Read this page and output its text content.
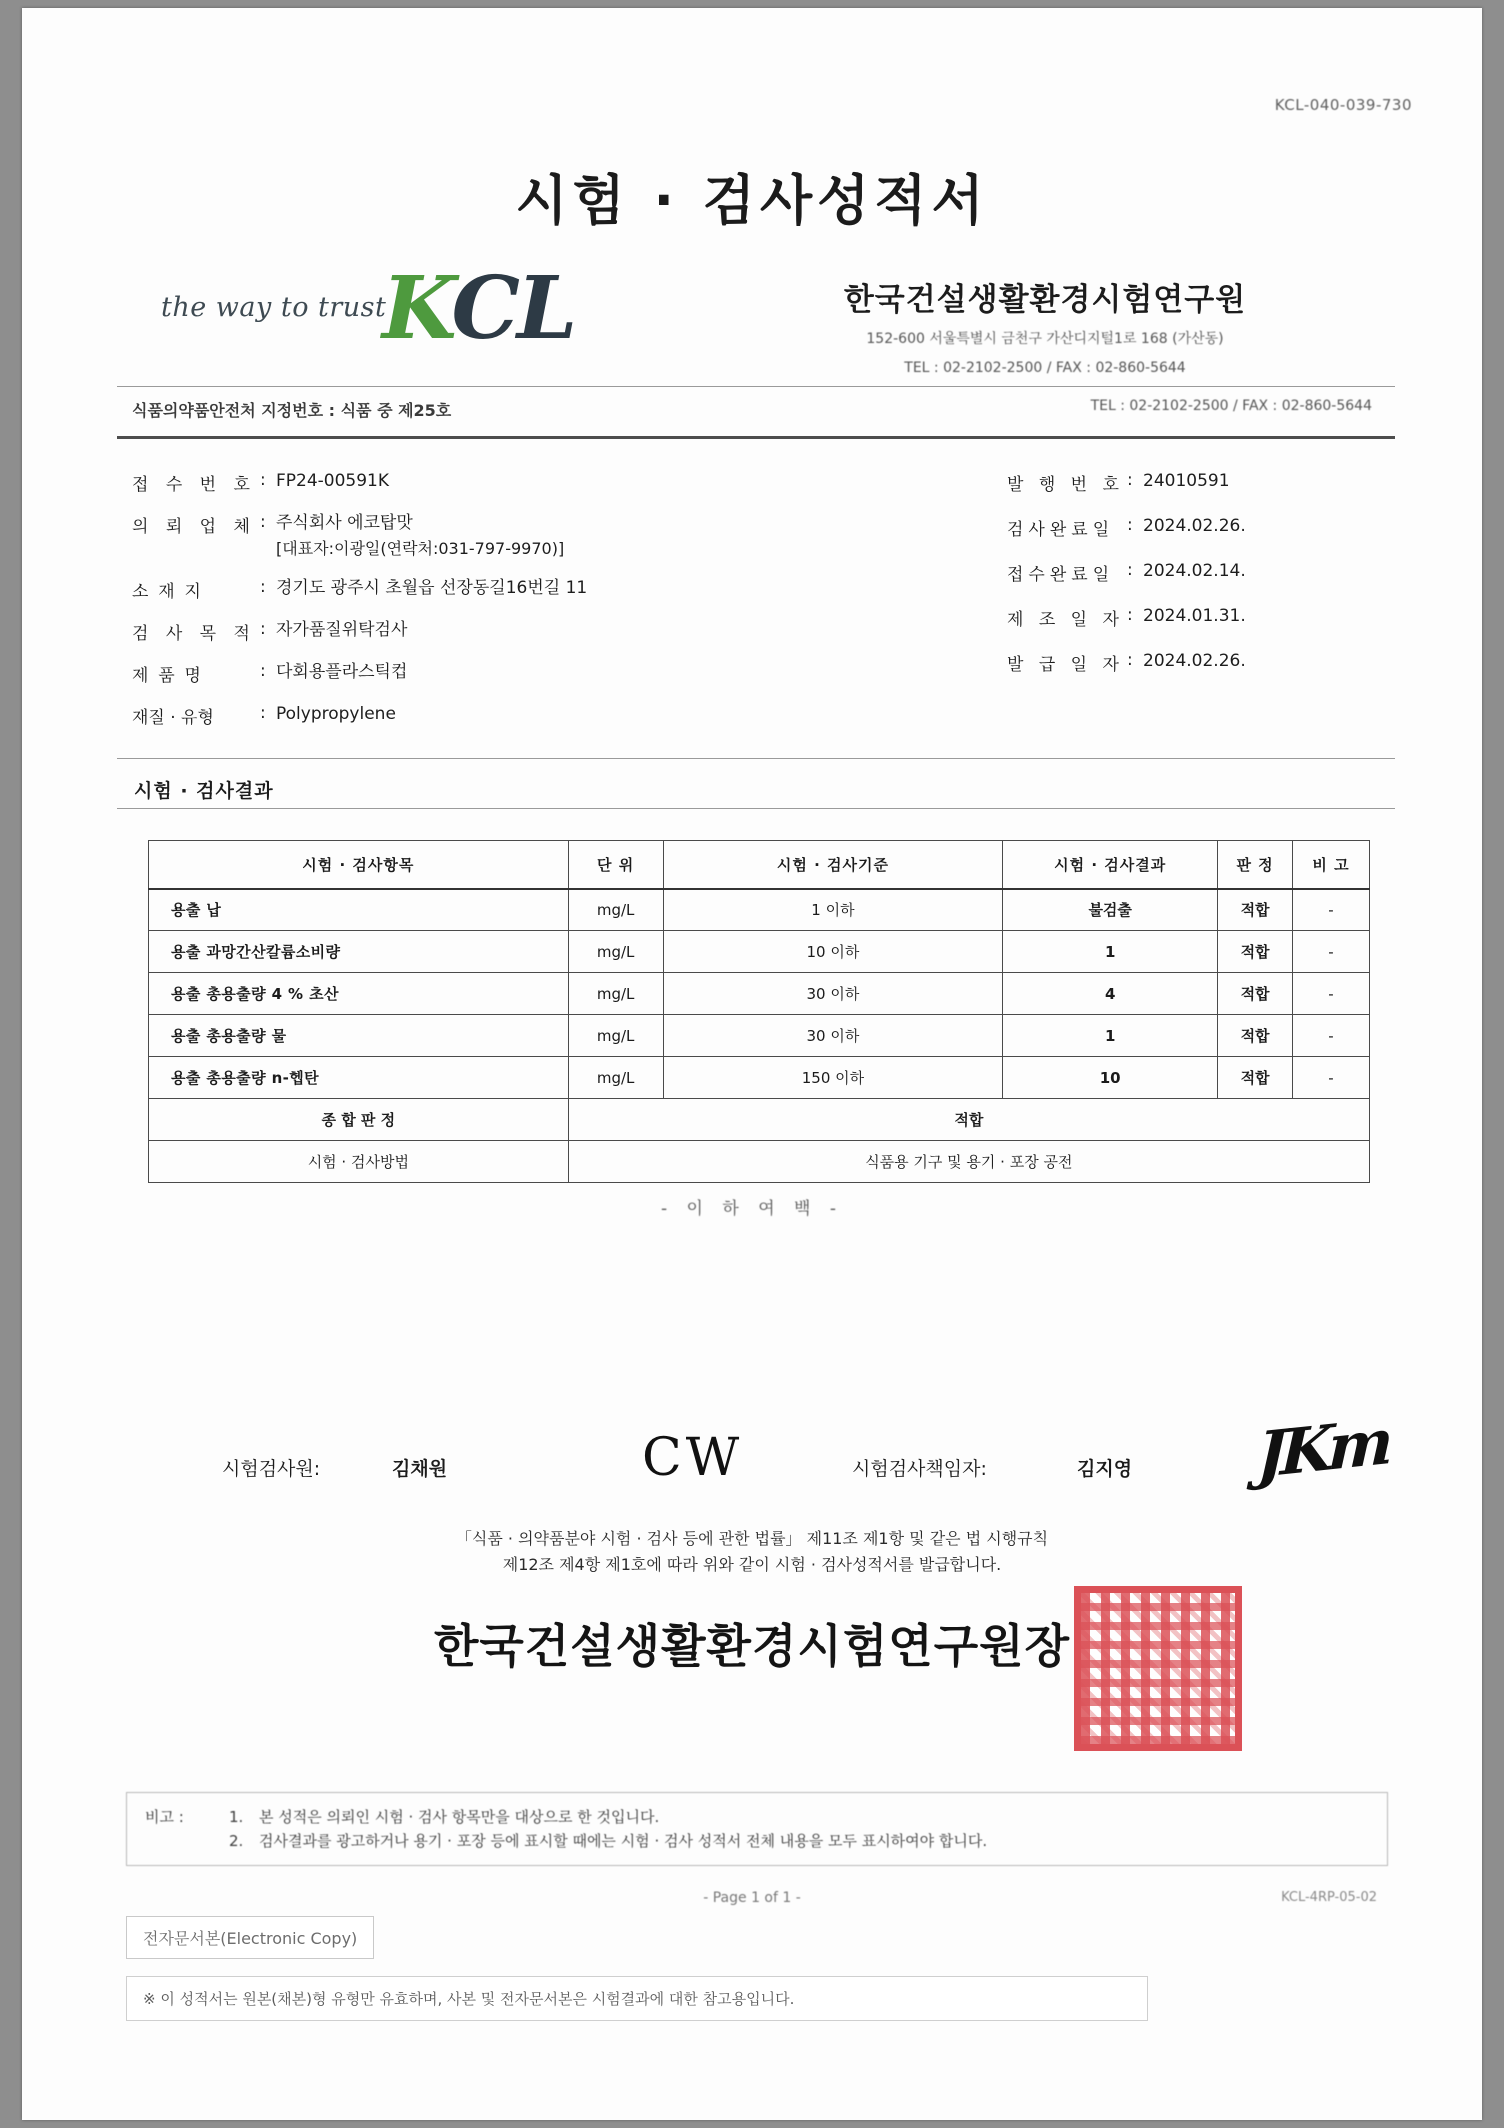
KCL-040-039-730
시험 · 검사성적서
the way to trust
KCL	한국건설생활환경시험연구원
152-600 서울특별시 금천구 가산디지털1로 168 (가산동)
TEL : 02-2102-2500 / FAX : 02-860-5644
식품의약품안전처 지정번호 : 식품 중 제25호	TEL : 02-2102-2500 / FAX : 02-860-5644
접 수 번 호 : FP24-00591K
의 뢰 업 체 : 주식회사 에코탑맛
[대표자:이광일(연락처:031-797-9970)]
소 재 지	: 경기도 광주시 초월읍 선장동길16번길 11
검 사 목 적 : 자가품질위탁검사
제 품 명	: 다회용플라스틱컵
재질 · 유형	: Polypropylene
발 행 번 호 : 24010591
검사완료일 : 2024.02.26.
접수완료일 : 2024.02.14.
제 조 일 자 : 2024.01.31.
발 급 일 자 : 2024.02.26.
시험 · 검사결과
시험 · 검사항목	단 위	시험 · 검사기준	시험 · 검사결과	판 정	비 고
용출 납	mg/L	1 이하	불검출	적합	-
용출 과망간산칼륨소비량	mg/L	10 이하	1	적합	-
용출 총용출량 4 % 초산	mg/L	30 이하	4	적합	-
용출 총용출량 물	mg/L	30 이하	1	적합	-
용출 총용출량 n-헵탄	mg/L	150 이하	10	적합	-
종 합 판 정	적합				
시험 · 검사방법	식품용 기구 및 용기 · 포장 공전				
- 이 하 여 백 -
시험검사원:	김채원	CW	시험검사책임자:	김지영 JKm
「식품 · 의약품분야 시험 · 검사 등에 관한 법률」 제11조 제1항 및 같은 법 시행규칙
제12조 제4항 제1호에 따라 위와 같이 시험 · 검사성적서를 발급합니다.
한국건설생활환경시험연구원장
비고 :	1.	본 성적은 의뢰인 시험 · 검사 항목만을 대상으로 한 것입니다.
2.	검사결과를 광고하거나 용기 · 포장 등에 표시할 때에는 시험 · 검사 성적서 전체 내용을 모두 표시하여야 합니다.
- Page 1 of 1 -	KCL-4RP-05-02
전자문서본(Electronic Copy)
※ 이 성적서는 원본(채본)형 유형만 유효하며, 사본 및 전자문서본은 시험결과에 대한 참고용입니다.
